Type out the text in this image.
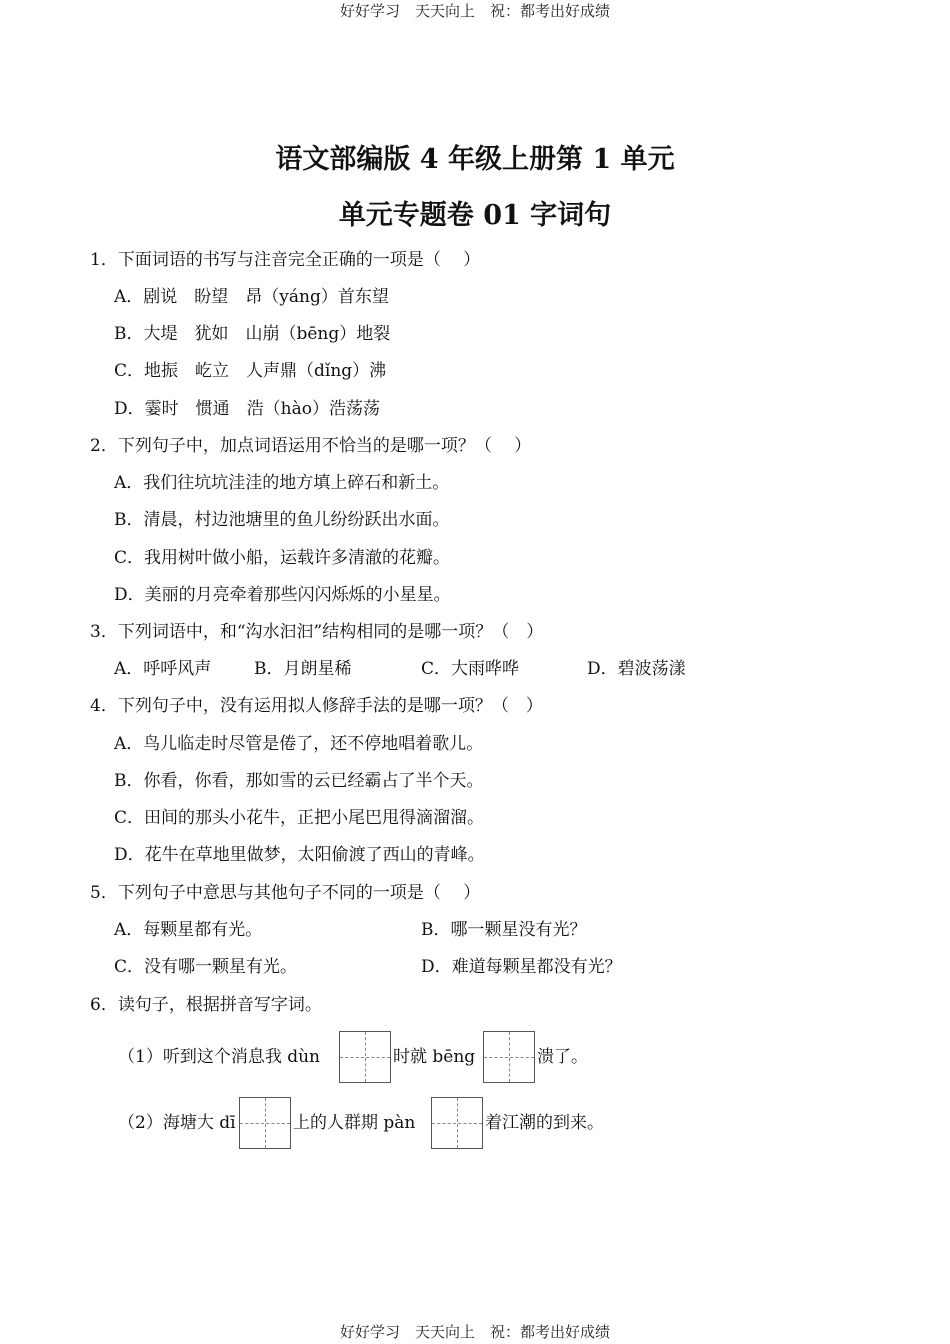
好好学习　天天向上　祝：都考出好成绩
语文部编版 4 年级上册第 1 单元
单元专题卷 01 字词句
1．下面词语的书写与注音完全正确的一项是（　 ）
A．剧说　盼望　昂（yáng）首东望
B．大堤　犹如　山崩（bēng）地裂
C．地振　屹立　人声鼎（dǐng）沸
D．霎时　惯通　浩（hào）浩荡荡
2．下列句子中，加点词语运用不恰当的是哪一项？（　 ）
A．我们往坑坑洼洼的地方填上碎石和新土。
B．清晨，村边池塘里的鱼儿纷纷跃出水面。
C．我用树叶做小船，运载许多清澈的花瓣。
D．美丽的月亮牵着那些闪闪烁烁的小星星。
3．下列词语中，和“沟水汩汩”结构相同的是哪一项？（　）
A．呼呼风声	B．月朗星稀	C．大雨哗哗	D．碧波荡漾
4．下列句子中，没有运用拟人修辞手法的是哪一项？（　）
A．鸟儿临走时尽管是倦了，还不停地唱着歌儿。
B．你看，你看，那如雪的云已经霸占了半个天。
C．田间的那头小花牛，正把小尾巴甩得滴溜溜。
D．花牛在草地里做梦，太阳偷渡了西山的青峰。
5．下列句子中意思与其他句子不同的一项是（　 ）
A．每颗星都有光。	B．哪一颗星没有光？
C．没有哪一颗星有光。	D．难道每颗星都没有光？
6．读句子，根据拼音写字词。
（1）听到这个消息我 dùn	时就 bēng	溃了。
（2）海塘大 dī	上的人群期 pàn	着江潮的到来。
好好学习　天天向上　祝：都考出好成绩
